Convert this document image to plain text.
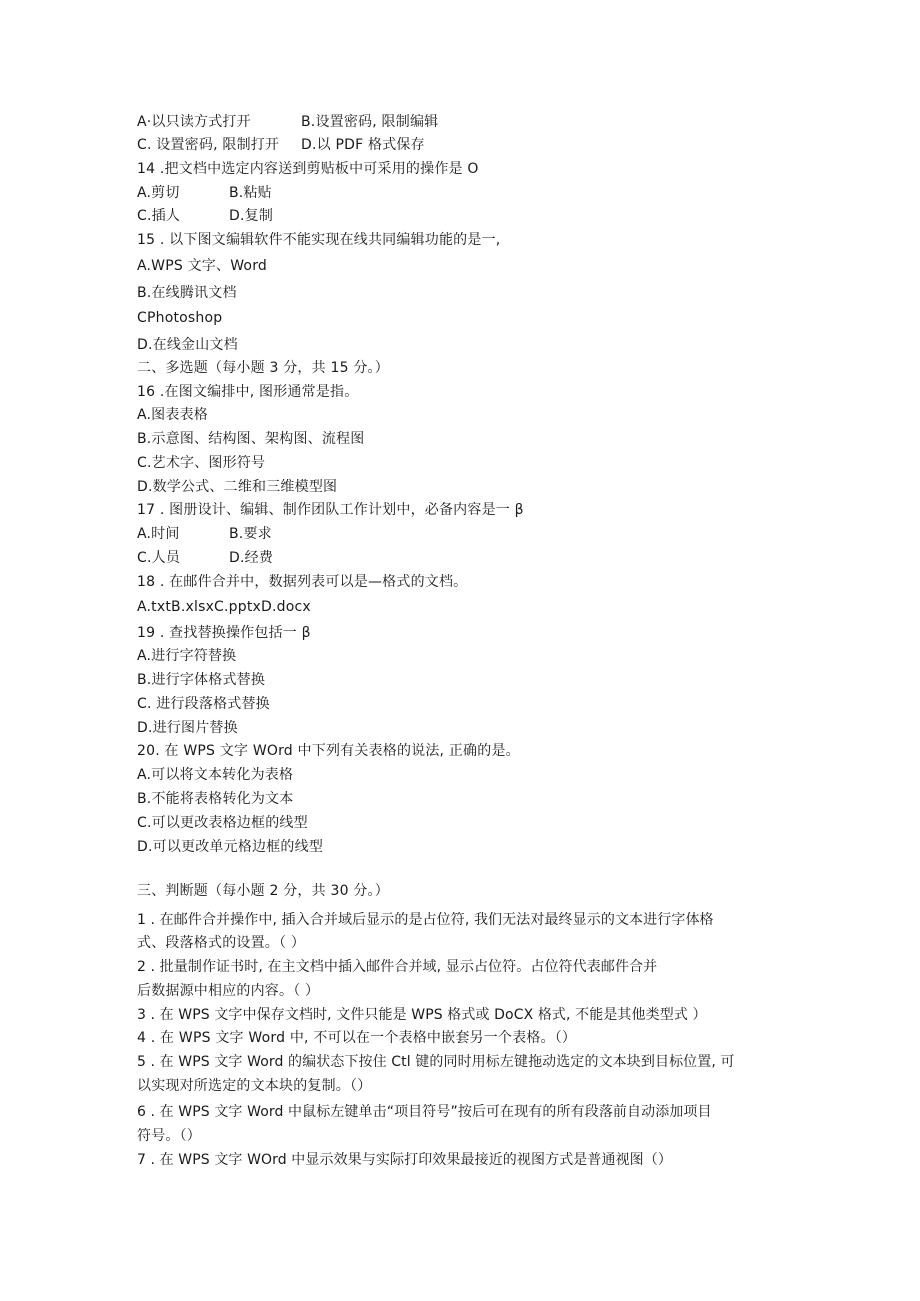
A·以只读方式打开	B.设置密码, 限制编辑
C. 设置密码, 限制打开 D.以 PDF 格式保存
14 .把文档中选定内容送到剪贴板中可采用的操作是 O
A.剪切	B.粘贴
C.插人	D.复制
15 . 以下图文编辑软件不能实现在线共同编辑功能的是一,
A.WPS 文字、Word
B.在线腾讯文档
CPhotoshop
D.在线金山文档
二、多选题（每小题 3 分，共 15 分。）
16 .在图文编排中, 图形通常是指。
A.图表表格
B.示意图、结构图、架构图、流程图
C.艺术字、图形符号
D.数学公式、二维和三维模型图
17 . 图册设计、编辑、制作团队工作计划中，必备内容是一 β
A.时间	B.要求
C.人员	D.经费
18 . 在邮件合并中，数据列表可以是—格式的文档。
A.txtB.xlsxC.pptxD.docx
19 . 查找替换操作包括一 β
A.进行字符替换
B.进行字体格式替换
C. 进行段落格式替换
D.进行图片替换
20. 在 WPS 文字 WOrd 中下列有关表格的说法, 正确的是。
A.可以将文本转化为表格
B.不能将表格转化为文本
C.可以更改表格边框的线型
D.可以更改单元格边框的线型
三、判断题（每小题 2 分，共 30 分。）
1 . 在邮件合并操作中, 插入合并域后显示的是占位符, 我们无法对最终显示的文本进行字体格
式、段落格式的设置。（ ）
2 . 批量制作证书时, 在主文档中插入邮件合并域, 显示占位符。占位符代表邮件合并
后数据源中相应的内容。（ ）
3 . 在 WPS 文字中保存文档时, 文件只能是 WPS 格式或 DoCX 格式, 不能是其他类型式 ）
4 . 在 WPS 文字 Word 中, 不可以在一个表格中嵌套另一个表格。（）
5 . 在 WPS 文字 Word 的编状态下按住 Ctl 键的同时用标左键拖动选定的文本块到目标位置, 可
以实现对所选定的文本块的复制。（）
6 . 在 WPS 文字 Word 中鼠标左键单击“项目符号”按后可在现有的所有段落前自动添加项目
符号。（）
7 . 在 WPS 文字 WOrd 中显示效果与实际打印效果最接近的视图方式是普通视图（）
